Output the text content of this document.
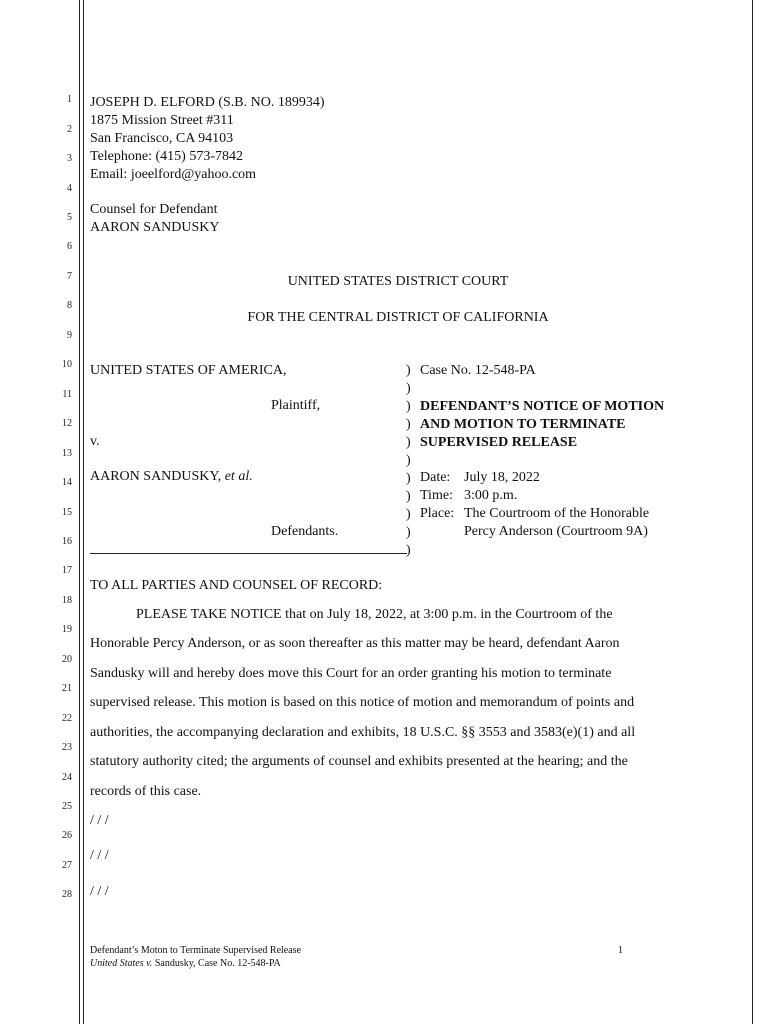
1
2
3
4
5
6
7
8
9
10
11
12
13
14
15
16
17
18
19
20
21
22
23
24
25
26
27
28
JOSEPH D. ELFORD (S.B. NO. 189934)
1875 Mission Street #311
San Francisco, CA 94103
Telephone: (415) 573-7842
Email: joeelford@yahoo.com
Counsel for Defendant
AARON SANDUSKY
UNITED STATES DISTRICT COURT
FOR THE CENTRAL DISTRICT OF CALIFORNIA
UNITED STATES OF AMERICA,
Plaintiff,
v.
AARON SANDUSKY, et al.
Defendants.
)
)
)
)
)
)
)
)
)
)
)
Case No. 12-548-PA
DEFENDANT’S NOTICE OF MOTION
AND MOTION TO TERMINATE
SUPERVISED RELEASE
Date: July 18, 2022
Time: 3:00 p.m.
Place: The Courtroom of the Honorable
Percy Anderson (Courtroom 9A)
TO ALL PARTIES AND COUNSEL OF RECORD:
PLEASE TAKE NOTICE that on July 18, 2022, at 3:00 p.m. in the Courtroom of the
Honorable Percy Anderson, or as soon thereafter as this matter may be heard, defendant Aaron
Sandusky will and hereby does move this Court for an order granting his motion to terminate
supervised release. This motion is based on this notice of motion and memorandum of points and
authorities, the accompanying declaration and exhibits, 18 U.S.C. §§ 3553 and 3583(e)(1) and all
statutory authority cited; the arguments of counsel and exhibits presented at the hearing; and the
records of this case.
/ / /
/ / /
/ / /
Defendant’s Moton to Terminate Supervised Release
United States v. Sandusky, Case No. 12-548-PA
1
